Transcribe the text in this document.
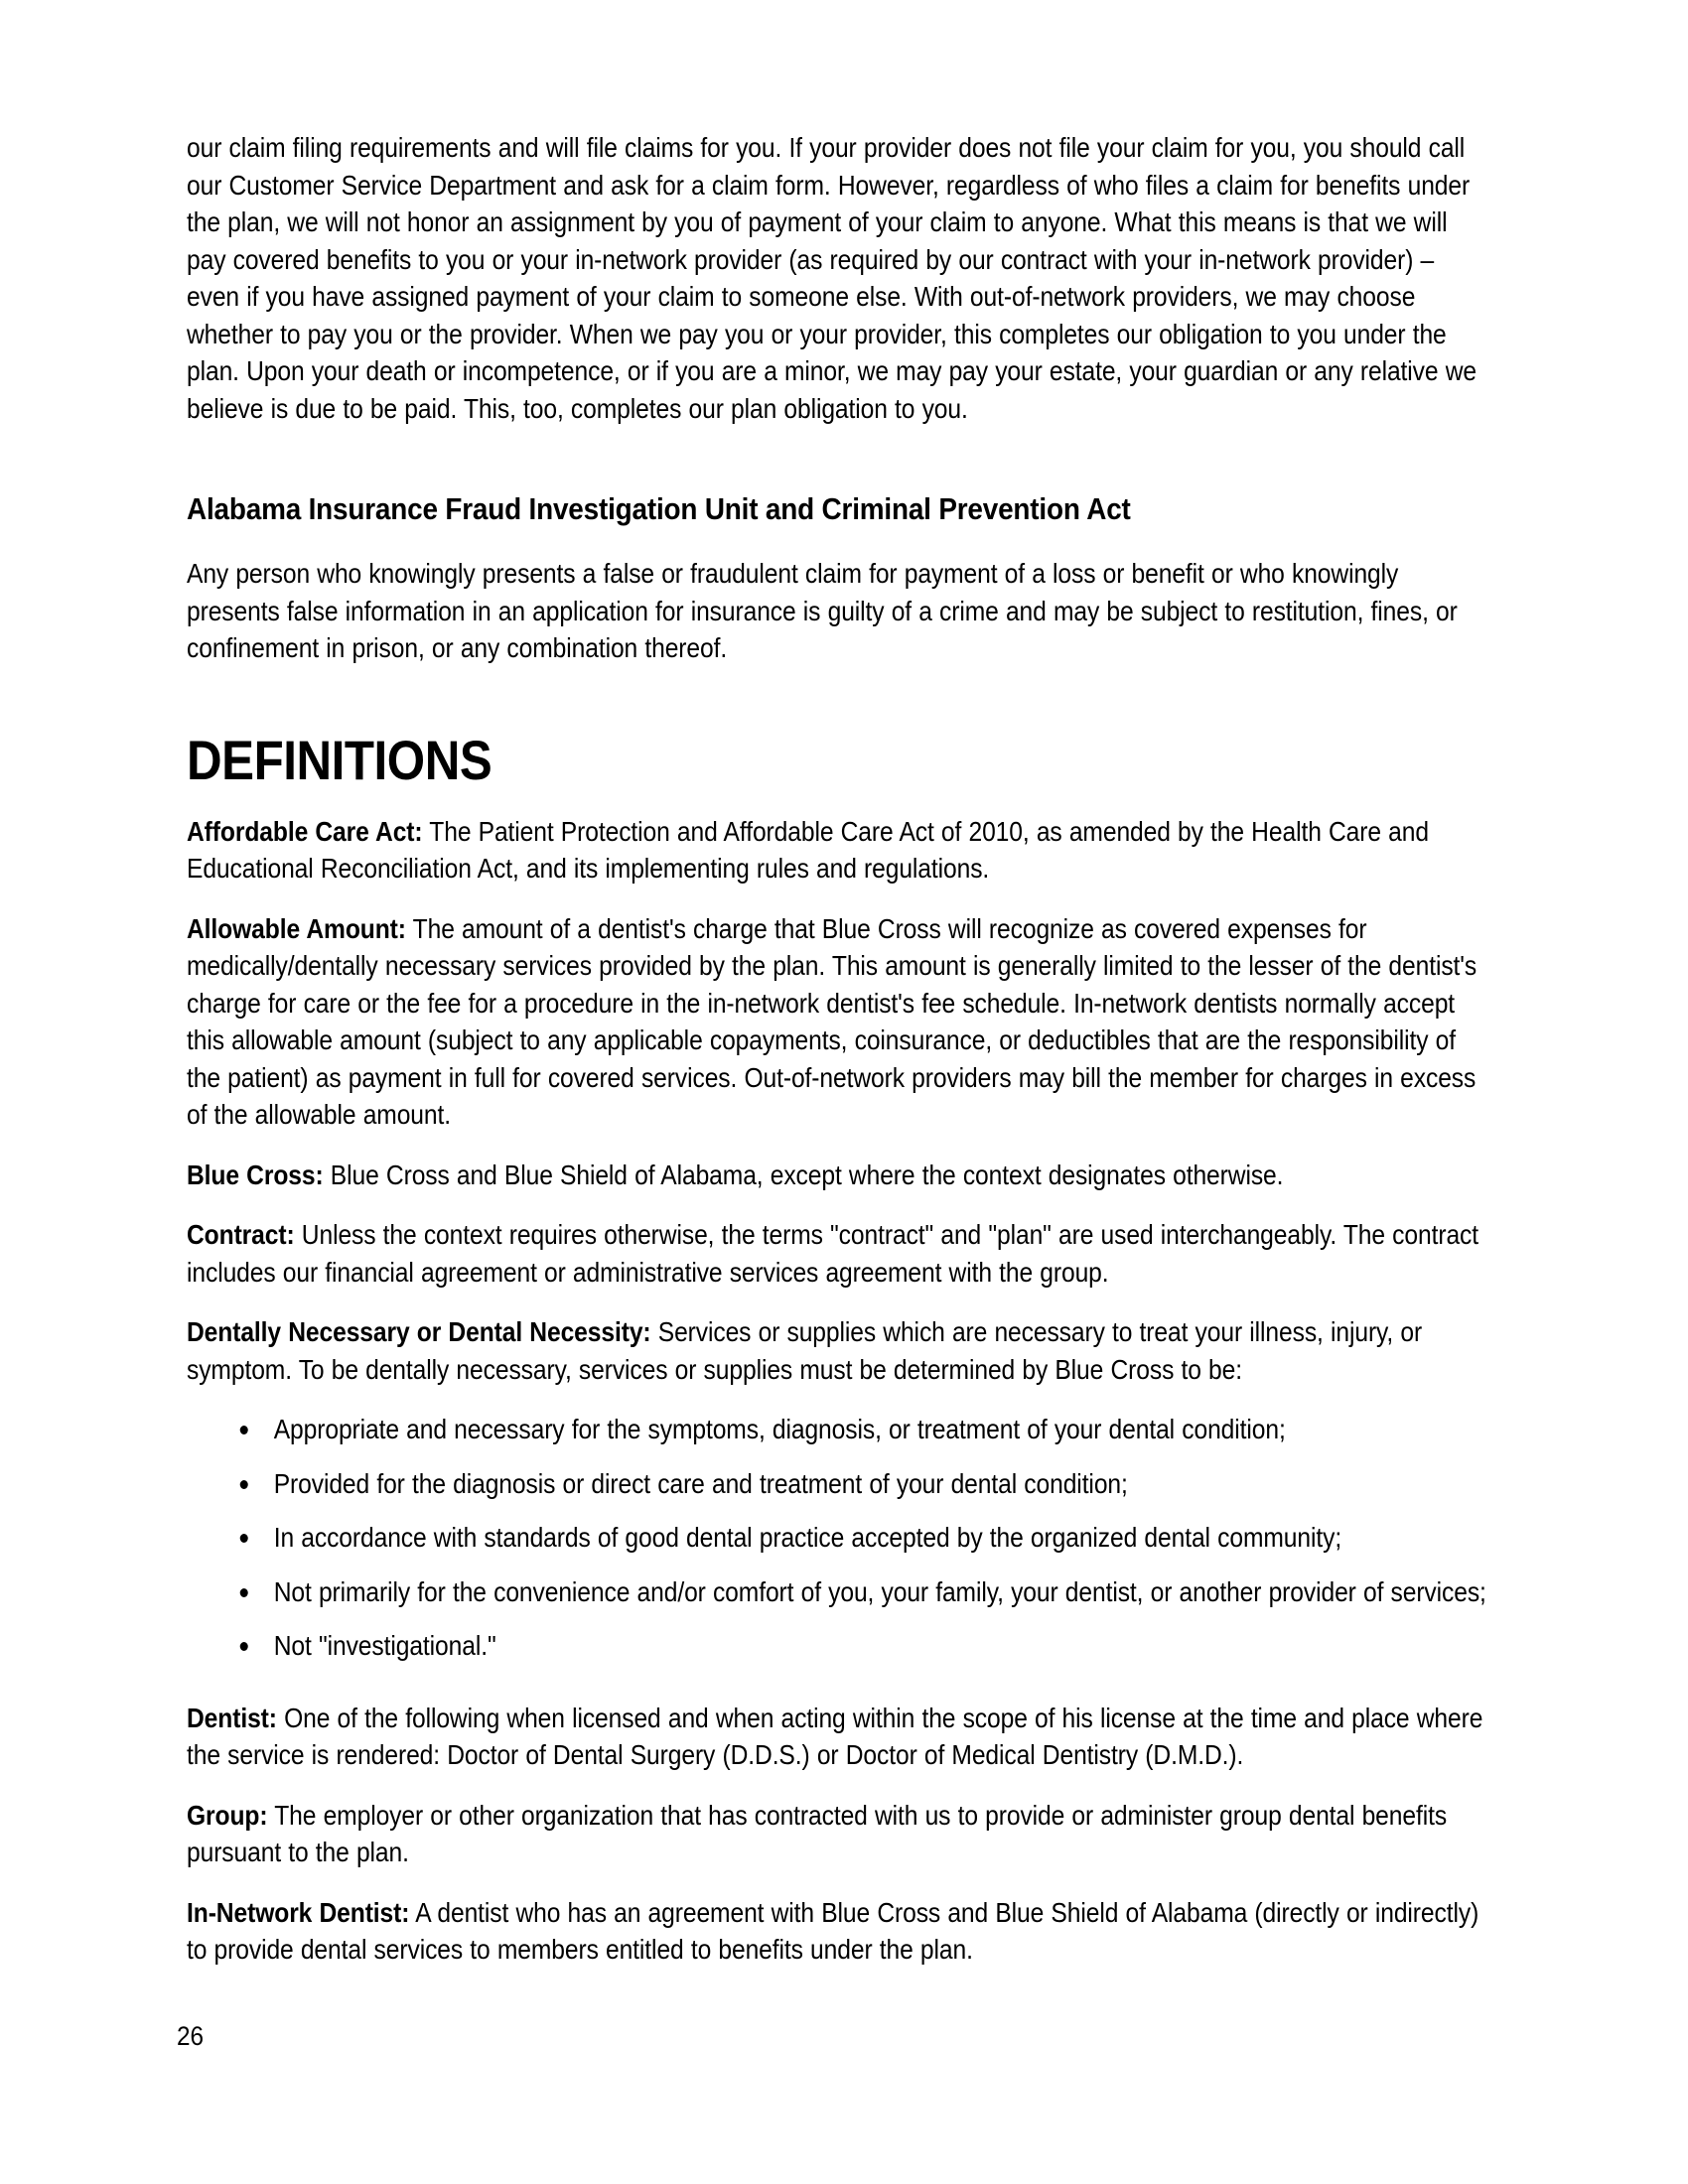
our claim filing requirements and will file claims for you. If your provider does not file your claim for you, you should call our Customer Service Department and ask for a claim form. However, regardless of who files a claim for benefits under the plan, we will not honor an assignment by you of payment of your claim to anyone. What this means is that we will pay covered benefits to you or your in-network provider (as required by our contract with your in-network provider) – even if you have assigned payment of your claim to someone else. With out-of-network providers, we may choose whether to pay you or the provider. When we pay you or your provider, this completes our obligation to you under the plan. Upon your death or incompetence, or if you are a minor, we may pay your estate, your guardian or any relative we believe is due to be paid. This, too, completes our plan obligation to you.

Alabama Insurance Fraud Investigation Unit and Criminal Prevention Act

Any person who knowingly presents a false or fraudulent claim for payment of a loss or benefit or who knowingly presents false information in an application for insurance is guilty of a crime and may be subject to restitution, fines, or confinement in prison, or any combination thereof.

DEFINITIONS

Affordable Care Act: The Patient Protection and Affordable Care Act of 2010, as amended by the Health Care and Educational Reconciliation Act, and its implementing rules and regulations.

Allowable Amount: The amount of a dentist's charge that Blue Cross will recognize as covered expenses for medically/dentally necessary services provided by the plan. This amount is generally limited to the lesser of the dentist's charge for care or the fee for a procedure in the in-network dentist's fee schedule. In-network dentists normally accept this allowable amount (subject to any applicable copayments, coinsurance, or deductibles that are the responsibility of the patient) as payment in full for covered services. Out-of-network providers may bill the member for charges in excess of the allowable amount.

Blue Cross: Blue Cross and Blue Shield of Alabama, except where the context designates otherwise.

Contract: Unless the context requires otherwise, the terms "contract" and "plan" are used interchangeably. The contract includes our financial agreement or administrative services agreement with the group.

Dentally Necessary or Dental Necessity: Services or supplies which are necessary to treat your illness, injury, or symptom. To be dentally necessary, services or supplies must be determined by Blue Cross to be:

Appropriate and necessary for the symptoms, diagnosis, or treatment of your dental condition;
Provided for the diagnosis or direct care and treatment of your dental condition;
In accordance with standards of good dental practice accepted by the organized dental community;
Not primarily for the convenience and/or comfort of you, your family, your dentist, or another provider of services;
Not "investigational."

Dentist: One of the following when licensed and when acting within the scope of his license at the time and place where the service is rendered: Doctor of Dental Surgery (D.D.S.) or Doctor of Medical Dentistry (D.M.D.).

Group: The employer or other organization that has contracted with us to provide or administer group dental benefits pursuant to the plan.

In-Network Dentist: A dentist who has an agreement with Blue Cross and Blue Shield of Alabama (directly or indirectly) to provide dental services to members entitled to benefits under the plan.

26
